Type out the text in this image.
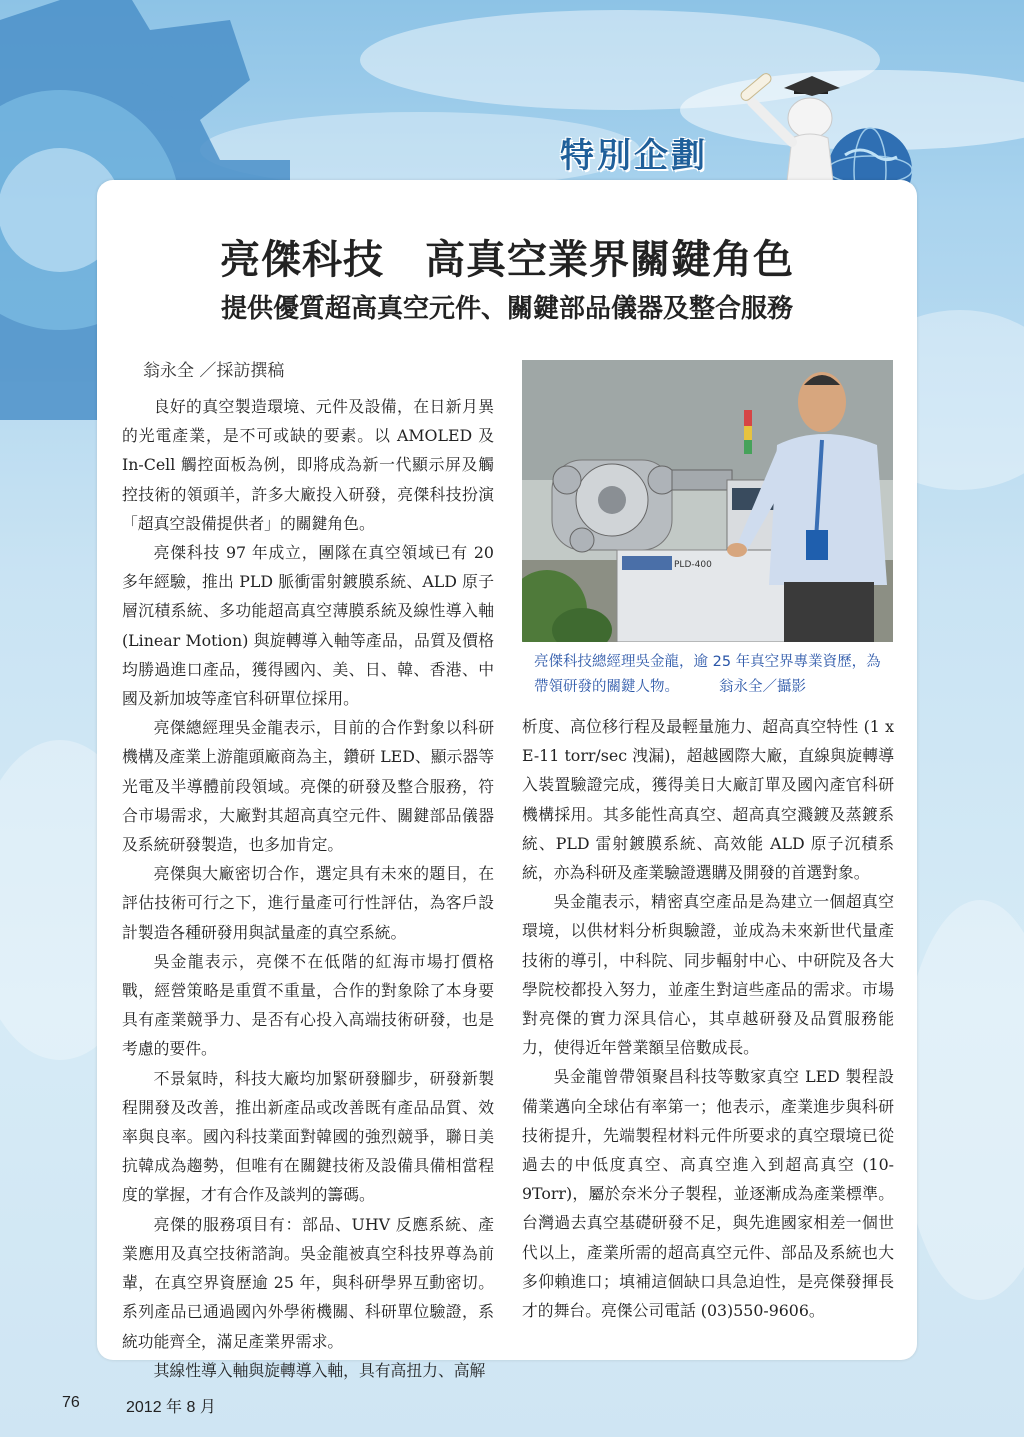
特別企劃
亮傑科技　高真空業界關鍵角色
提供優質超高真空元件、關鍵部品儀器及整合服務
翁永全 ／採訪撰稿

良好的真空製造環境、元件及設備，在日新月異的光電產業，是不可或缺的要素。以 AMOLED 及 In-Cell 觸控面板為例，即將成為新一代顯示屏及觸控技術的領頭羊，許多大廠投入研發，亮傑科技扮演「超真空設備提供者」的關鍵角色。

亮傑科技 97 年成立，團隊在真空領域已有 20 多年經驗，推出 PLD 脈衝雷射鍍膜系統、ALD 原子層沉積系統、多功能超高真空薄膜系統及線性導入軸 (Linear Motion) 與旋轉導入軸等產品，品質及價格均勝過進口產品，獲得國內、美、日、韓、香港、中國及新加坡等產官科研單位採用。

亮傑總經理吳金龍表示，目前的合作對象以科研機構及產業上游龍頭廠商為主，鑽研 LED、顯示器等光電及半導體前段領域。亮傑的研發及整合服務，符合市場需求，大廠對其超高真空元件、關鍵部品儀器及系統研發製造，也多加肯定。

亮傑與大廠密切合作，選定具有未來的題目，在評估技術可行之下，進行量產可行性評估，為客戶設計製造各種研發用與試量產的真空系統。

吳金龍表示，亮傑不在低階的紅海市場打價格戰，經營策略是重質不重量，合作的對象除了本身要具有產業競爭力、是否有心投入高端技術研發，也是考慮的要件。

不景氣時，科技大廠均加緊研發腳步，研發新製程開發及改善，推出新產品或改善既有產品品質、效率與良率。國內科技業面對韓國的強烈競爭，聯日美抗韓成為趨勢，但唯有在關鍵技術及設備具備相當程度的掌握，才有合作及談判的籌碼。

亮傑的服務項目有：部品、UHV 反應系統、產業應用及真空技術諮詢。吳金龍被真空科技界尊為前輩，在真空界資歷逾 25 年，與科研學界互動密切。系列產品已通過國內外學術機關、科研單位驗證，系統功能齊全，滿足產業界需求。

其線性導入軸與旋轉導入軸，具有高扭力、高解

PLD-400
亮傑科技總經理吳金龍，逾 25 年真空界專業資歷，為帶領研發的關鍵人物。	翁永全／攝影

析度、高位移行程及最輕量施力、超高真空特性 (1 x E-11 torr/sec 洩漏)，超越國際大廠，直線與旋轉導入裝置驗證完成，獲得美日大廠訂單及國內產官科研機構採用。其多能性高真空、超高真空濺鍍及蒸鍍系統、PLD 雷射鍍膜系統、高效能 ALD 原子沉積系統，亦為科研及產業驗證選購及開發的首選對象。

吳金龍表示，精密真空產品是為建立一個超真空環境，以供材料分析與驗證，並成為未來新世代量產技術的導引，中科院、同步輻射中心、中研院及各大學院校都投入努力，並產生對這些產品的需求。市場對亮傑的實力深具信心，其卓越研發及品質服務能力，使得近年營業額呈倍數成長。

吳金龍曾帶領聚昌科技等數家真空 LED 製程設備業邁向全球佔有率第一；他表示，產業進步與科研技術提升，先端製程材料元件所要求的真空環境已從過去的中低度真空、高真空進入到超高真空 (10-9Torr)，屬於奈米分子製程，並逐漸成為產業標準。台灣過去真空基礎研發不足，與先進國家相差一個世代以上，產業所需的超高真空元件、部品及系統也大多仰賴進口；填補這個缺口具急迫性，是亮傑發揮長才的舞台。亮傑公司電話 (03)550-9606。

76	2012 年 8 月
